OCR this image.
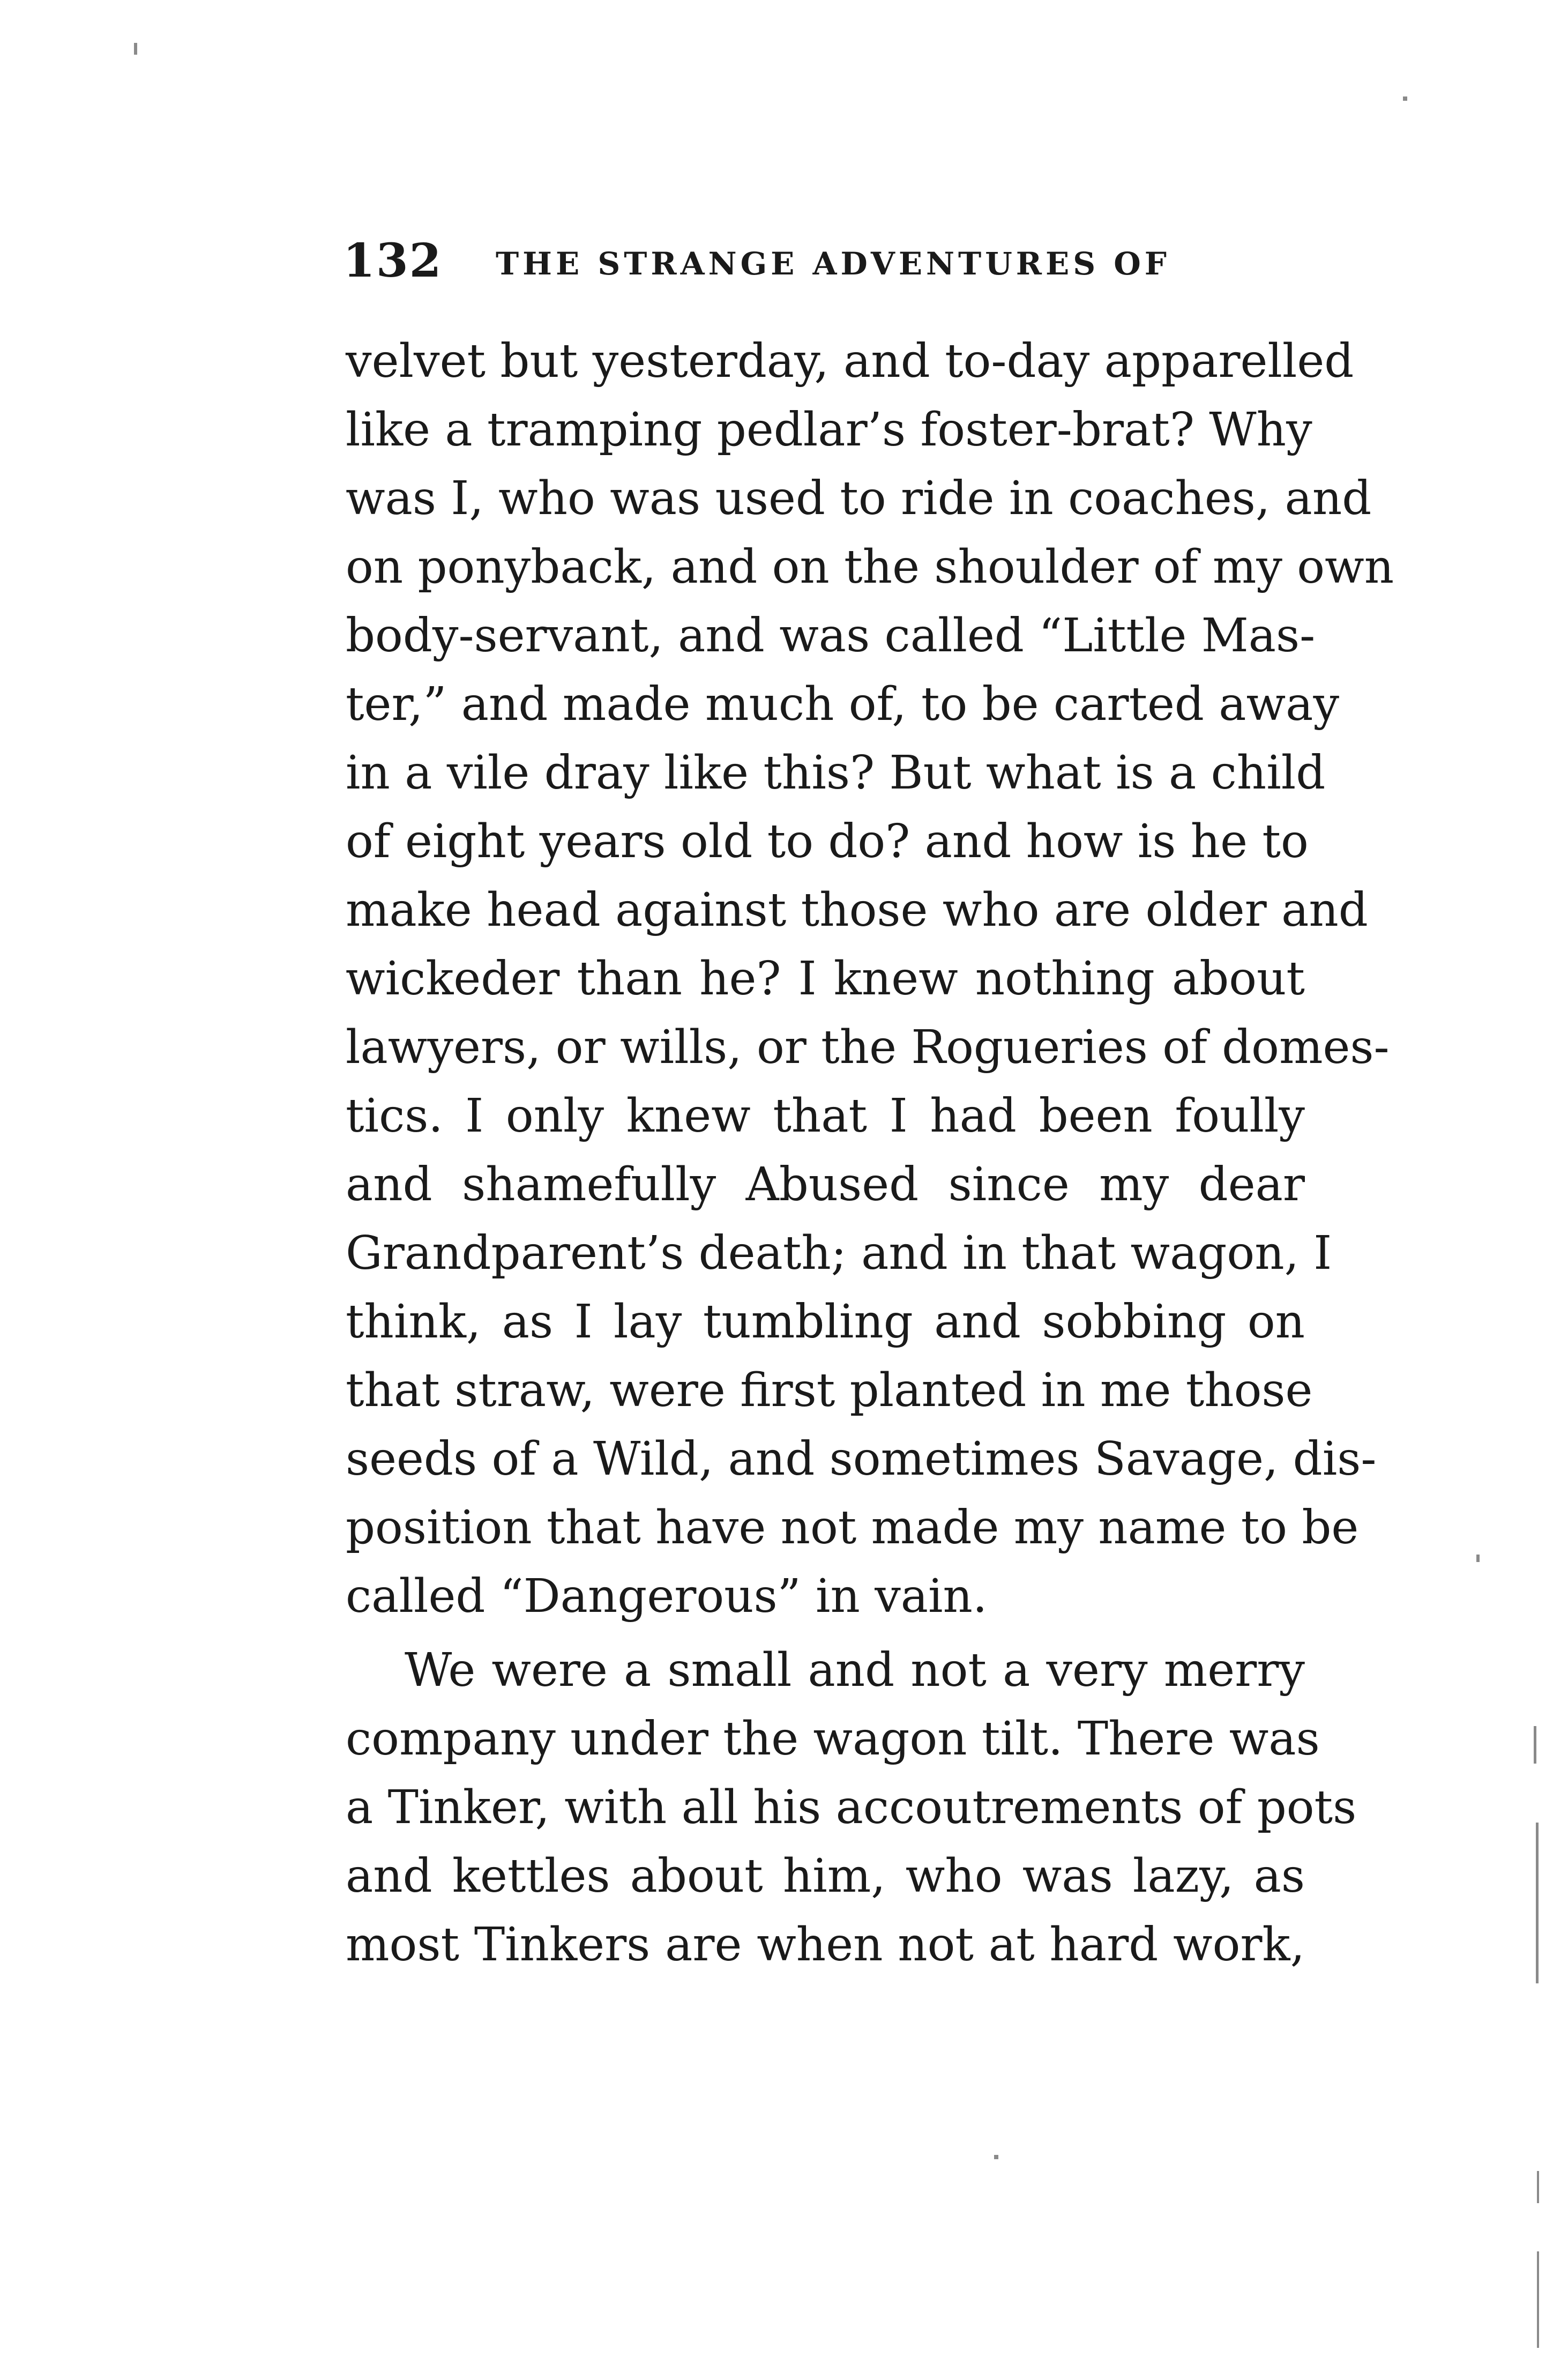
132 THE STRANGE ADVENTURES OF
velvet but yesterday, and to-day apparelled
like a tramping pedlar’s foster-brat? Why
was I, who was used to ride in coaches, and
on ponyback, and on the shoulder of my own
body-servant, and was called “Little Mas-
ter,” and made much of, to be carted away
in a vile dray like this? But what is a child
of eight years old to do? and how is he to
make head against those who are older and
wickeder than he? I knew nothing about
lawyers, or wills, or the Rogueries of domes-
tics. I only knew that I had been foully
and shamefully Abused since my dear
Grandparent’s death; and in that wagon, I
think, as I lay tumbling and sobbing on
that straw, were first planted in me those
seeds of a Wild, and sometimes Savage, dis-
position that have not made my name to be
called “Dangerous” in vain.
We were a small and not a very merry
company under the wagon tilt. There was
a Tinker, with all his accoutrements of pots
and kettles about him, who was lazy, as
most Tinkers are when not at hard work,
